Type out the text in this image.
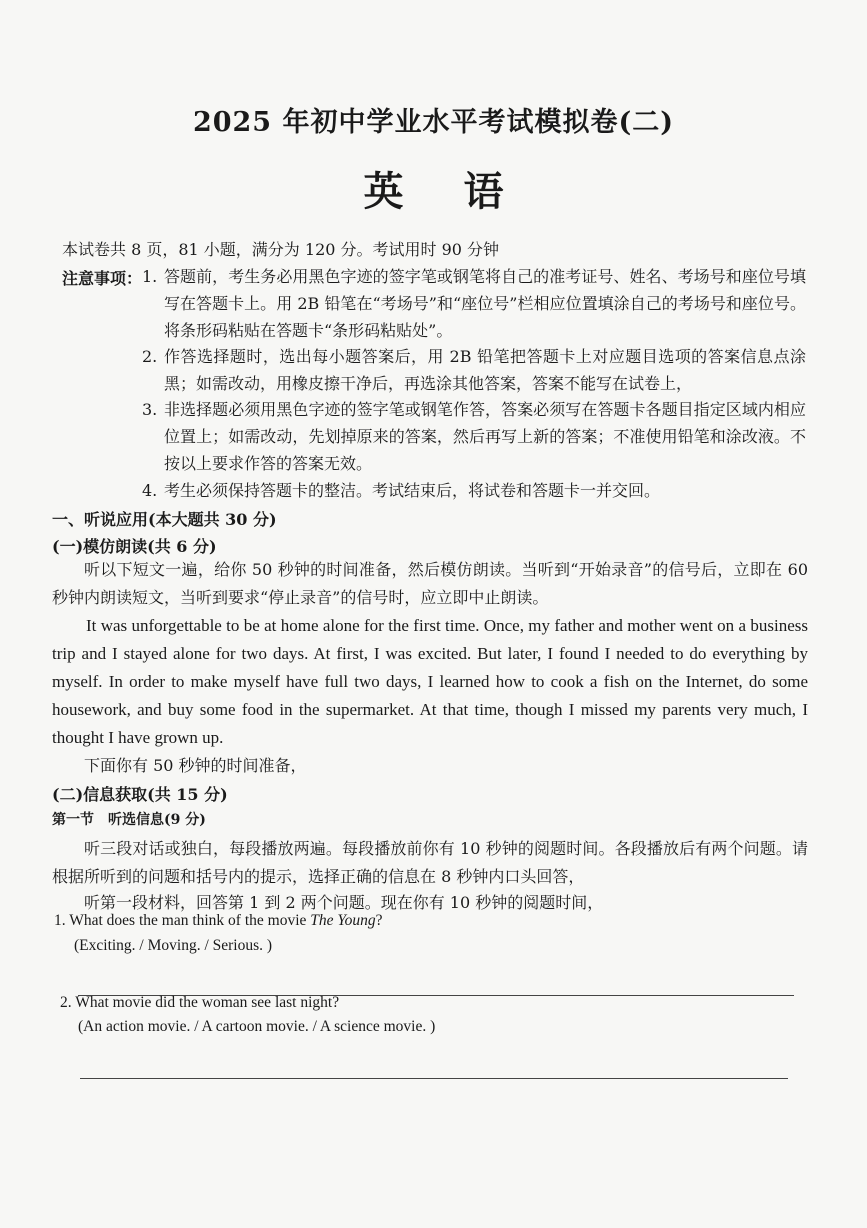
2025 年初中学业水平考试模拟卷(二)
英语
本试卷共 8 页，81 小题，满分为 120 分。考试用时 90 分钟
注意事项： 1. 答题前，考生务必用黑色字迹的签字笔或钢笔将自己的准考证号、姓名、考场号和座位号填写在答题卡上。用 2B 铅笔在“考场号”和“座位号”栏相应位置填涂自己的考场号和座位号。将条形码粘贴在答题卡“条形码粘贴处”。
2. 作答选择题时，选出每小题答案后，用 2B 铅笔把答题卡上对应题目选项的答案信息点涂黑；如需改动，用橡皮擦干净后，再选涂其他答案，答案不能写在试卷上，
3. 非选择题必须用黑色字迹的签字笔或钢笔作答，答案必须写在答题卡各题目指定区域内相应位置上；如需改动，先划掉原来的答案，然后再写上新的答案；不准使用铅笔和涂改液。不按以上要求作答的答案无效。
4. 考生必须保持答题卡的整洁。考试结束后，将试卷和答题卡一并交回。
一、听说应用(本大题共 30 分)
(一)模仿朗读(共 6 分)
听以下短文一遍，给你 50 秒钟的时间准备，然后模仿朗读。当听到“开始录音”的信号后，立即在 60 秒钟内朗读短文，当听到要求“停止录音”的信号时，应立即中止朗读。
It was unforgettable to be at home alone for the first time. Once, my father and mother went on a business trip and I stayed alone for two days. At first, I was excited. But later, I found I needed to do everything by myself. In order to make myself have full two days, I learned how to cook a fish on the Internet, do some housework, and buy some food in the supermarket. At that time, though I missed my parents very much, I thought I have grown up.
下面你有 50 秒钟的时间准备，
(二)信息获取(共 15 分)
第一节　听选信息(9 分)
听三段对话或独白，每段播放两遍。每段播放前你有 10 秒钟的阅题时间。各段播放后有两个问题。请根据所听到的问题和括号内的提示，选择正确的信息在 8 秒钟内口头回答，
听第一段材料，回答第 1 到 2 两个问题。现在你有 10 秒钟的阅题时间，
1. What does the man think of the movie The Young?
(Exciting. / Moving. / Serious. )
2. What movie did the woman see last night?
(An action movie. / A cartoon movie. / A science movie. )
